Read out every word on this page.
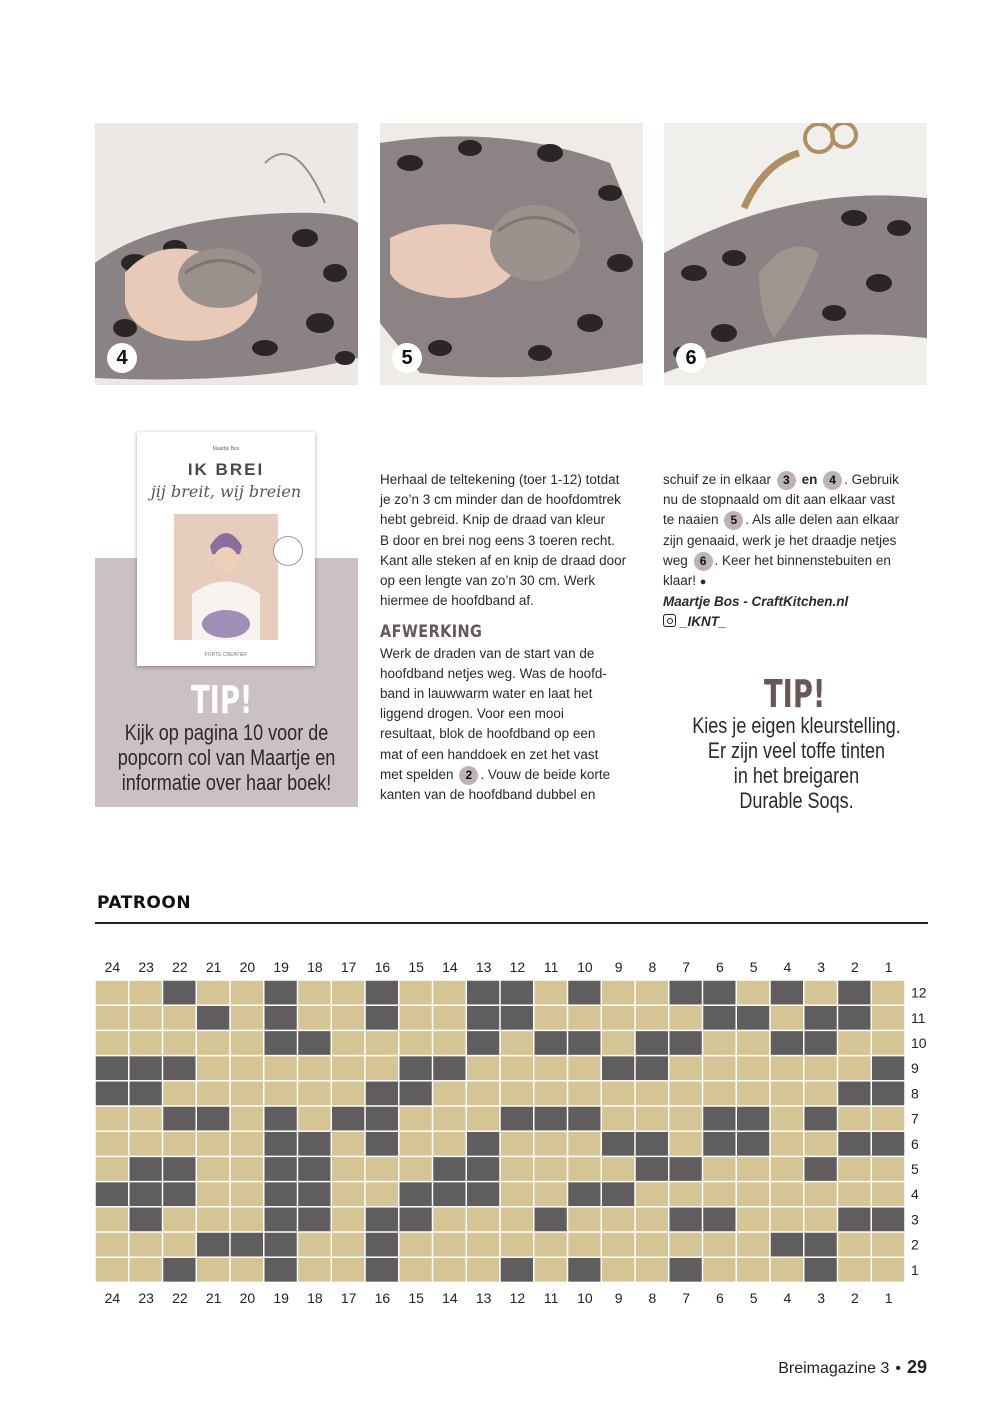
4	5	6
Maartje Bos
IK BREI
jij breit, wij breien
FORTE CREATIEF
TIP!
Kijk op pagina 10 voor de
popcorn col van Maartje en
informatie over haar boek!

Herhaal de teltekening (toer 1-12) totdat

je zo’n 3 cm minder dan de hoofdomtrek

hebt gebreid. Knip de draad van kleur

B door en brei nog eens 3 toeren recht.

Kant alle steken af en knip de draad door

op een lengte van zo’n 30 cm. Werk

hiermee de hoofdband af.

AFWERKING

Werk de draden van de start van de

hoofdband netjes weg. Was de hoofd-

band in lauwwarm water en laat het

liggend drogen. Voor een mooi

resultaat, blok de hoofdband op een

mat of een handdoek en zet het vast

met spelden 2 . Vouw de beide korte

kanten van de hoofdband dubbel en

schuif ze in elkaar 3 en 4 . Gebruik

nu de stopnaald om dit aan elkaar vast

te naaien 5 . Als alle delen aan elkaar

zijn genaaid, werk je het draadje netjes

weg 6 . Keer het binnenstebuiten en

klaar! ●

Maartje Bos - CraftKitchen.nl

_IKNT_

TIP!
Kies je eigen kleurstelling.
Er zijn veel toffe tinten
in het breigaren
Durable Soqs.
PATROON
24
24
23
23
22
22
21
21
20
20
19
19
18
18
17
17
16
16
15
15
14
14
13
13
12
12
11
11
10
10
9
9
8
8
7
7
6
6
5
5
4
4
3
3
2
2
1
1
12
11
10
9
8
7
6
5
4
3
2
1
Breimagazine 3 • 29
